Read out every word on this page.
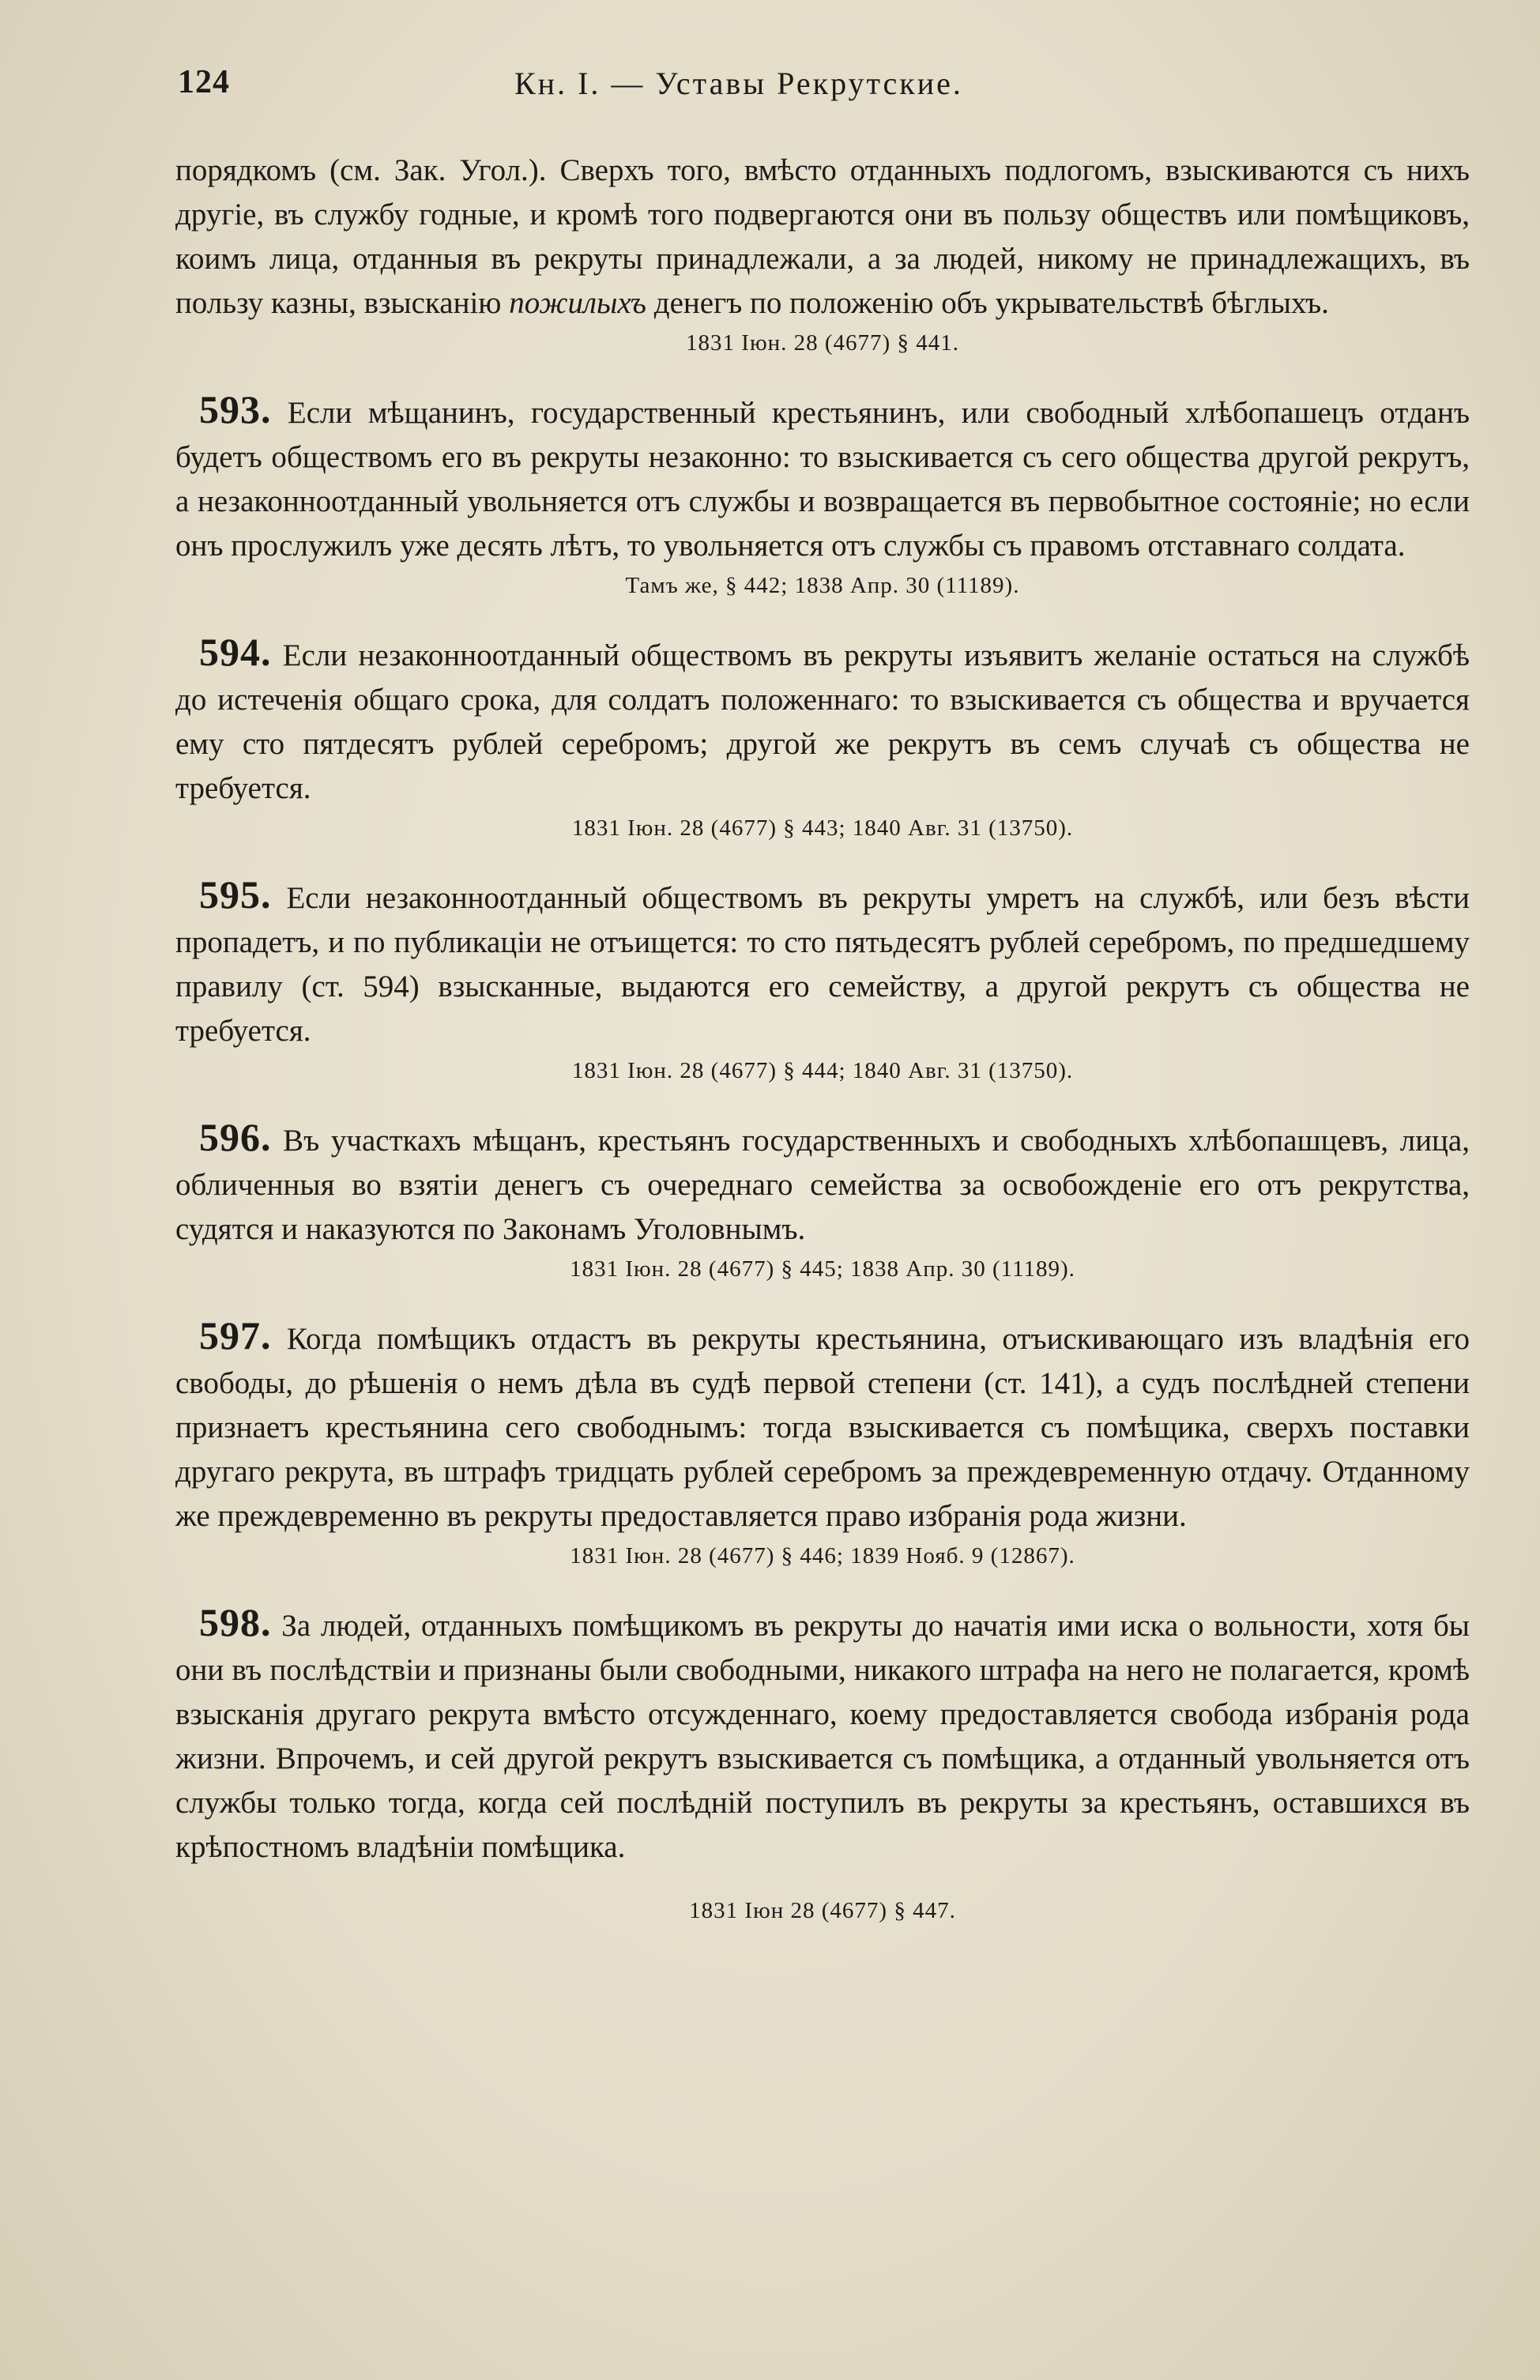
124	Кн. I. — Уставы Рекрутские.

порядкомъ (см. Зак. Угол.). Сверхъ того, вмѣсто отданныхъ подлогомъ, взыскиваются съ нихъ другіе, въ службу годные, и кромѣ того подвергаются они въ пользу обществъ или помѣщиковъ, коимъ лица, отданныя въ рекруты принадлежали, а за людей, никому не принадлежащихъ, въ пользу казны, взысканію пожилыхъ денегъ по положенію объ укрывательствѣ бѣглыхъ.

1831 Іюн. 28 (4677) § 441.

593. Если мѣщанинъ, государственный крестьянинъ, или свободный хлѣбопашецъ отданъ будетъ обществомъ его въ рекруты незаконно: то взыскивается съ сего общества другой рекрутъ, а незаконноотданный увольняется отъ службы и возвращается въ первобытное состояніе; но если онъ прослужилъ уже десять лѣтъ, то увольняется отъ службы съ правомъ отставнаго солдата.

Тамъ же, § 442; 1838 Апр. 30 (11189).

594. Если незаконноотданный обществомъ въ рекруты изъявитъ желаніе остаться на службѣ до истеченія общаго срока, для солдатъ положеннаго: то взыскивается съ общества и вручается ему сто пятдесятъ рублей серебромъ; другой же рекрутъ въ семъ случаѣ съ общества не требуется.

1831 Іюн. 28 (4677) § 443; 1840 Авг. 31 (13750).

595. Если незаконноотданный обществомъ въ рекруты умретъ на службѣ, или безъ вѣсти пропадетъ, и по публикаціи не отъищется: то сто пятьдесятъ рублей серебромъ, по предшедшему правилу (ст. 594) взысканные, выдаются его семейству, а другой рекрутъ съ общества не требуется.

1831 Іюн. 28 (4677) § 444; 1840 Авг. 31 (13750).

596. Въ участкахъ мѣщанъ, крестьянъ государственныхъ и свободныхъ хлѣбопашцевъ, лица, обличенныя во взятіи денегъ съ очереднаго семейства за освобожденіе его отъ рекрутства, судятся и наказуются по Законамъ Уголовнымъ.

1831 Іюн. 28 (4677) § 445; 1838 Апр. 30 (11189).

597. Когда помѣщикъ отдастъ въ рекруты крестьянина, отъискивающаго изъ владѣнія его свободы, до рѣшенія о немъ дѣла въ судѣ первой степени (ст. 141), а судъ послѣдней степени признаетъ крестьянина сего свободнымъ: тогда взыскивается съ помѣщика, сверхъ поставки другаго рекрута, въ штрафъ тридцать рублей серебромъ за преждевременную отдачу. Отданному же преждевременно въ рекруты предоставляется право избранія рода жизни.

1831 Іюн. 28 (4677) § 446; 1839 Нояб. 9 (12867).

598. За людей, отданныхъ помѣщикомъ въ рекруты до начатія ими иска о вольности, хотя бы они въ послѣдствіи и признаны были свободными, никакого штрафа на него не полагается, кромѣ взысканія другаго рекрута вмѣсто отсужденнаго, коему предоставляется свобода избранія рода жизни. Впрочемъ, и сей другой рекрутъ взыскивается съ помѣщика, а отданный увольняется отъ службы только тогда, когда сей послѣдній поступилъ въ рекруты за крестьянъ, оставшихся въ крѣпостномъ владѣніи помѣщика.

1831 Іюн 28 (4677) § 447.
